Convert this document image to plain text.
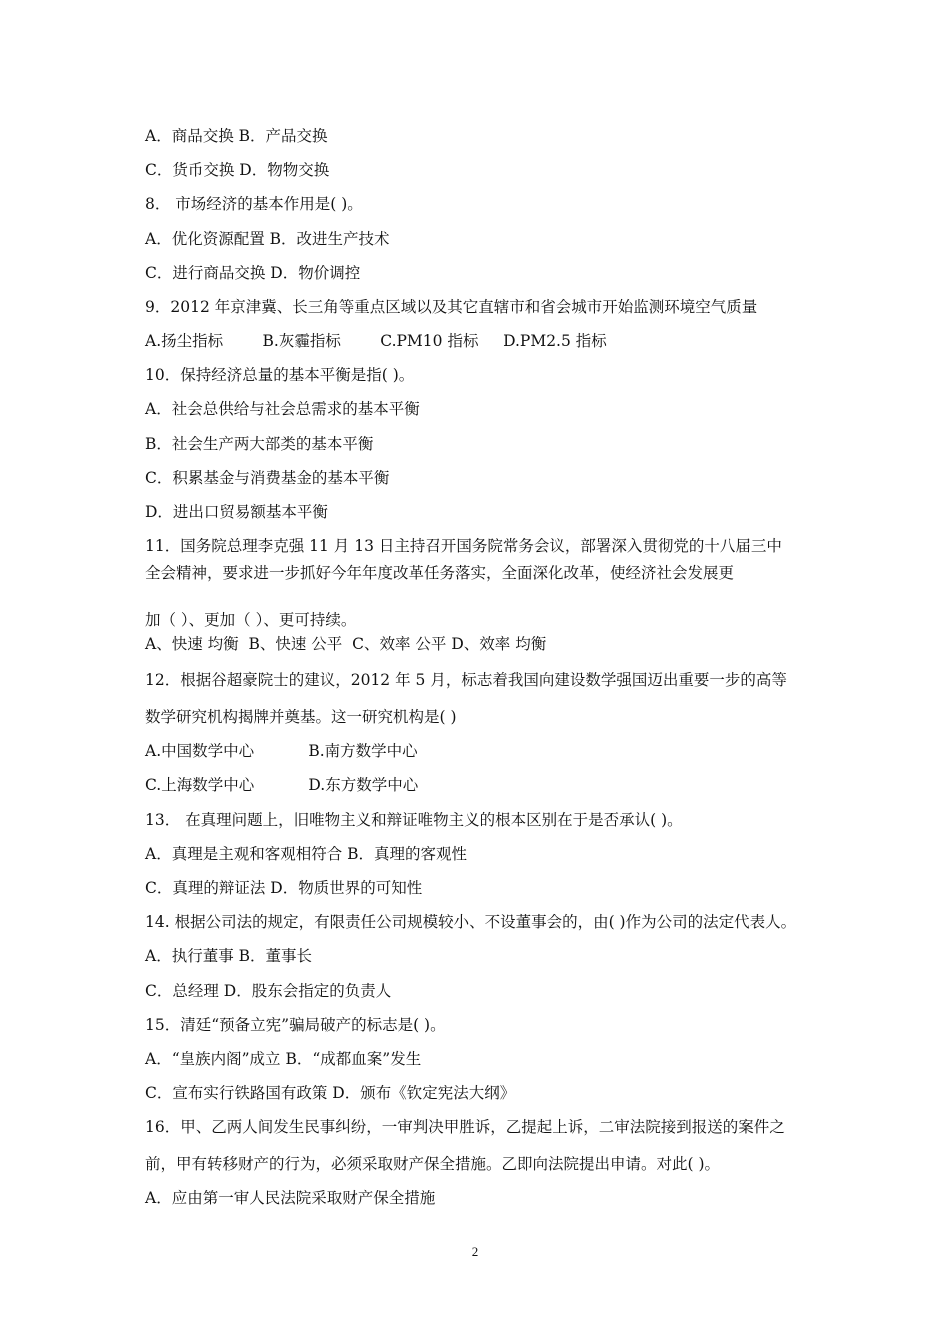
A．商品交换 B．产品交换
C．货币交换 D．物物交换
8． 市场经济的基本作用是( )。
A．优化资源配置 B．改进生产技术
C．进行商品交换 D．物价调控
9．2012 年京津冀、长三角等重点区域以及其它直辖市和省会城市开始监测环境空气质量
A.扬尘指标        B.灰霾指标        C.PM10 指标     D.PM2.5 指标
10．保持经济总量的基本平衡是指( )。
A．社会总供给与社会总需求的基本平衡
B．社会生产两大部类的基本平衡
C．积累基金与消费基金的基本平衡
D．进出口贸易额基本平衡
11．国务院总理李克强 11 月 13 日主持召开国务院常务会议，部署深入贯彻党的十八届三中
全会精神，要求进一步抓好今年年度改革任务落实，全面深化改革，使经济社会发展更
加（ ）、更加（ ）、更可持续。
A、快速 均衡  B、快速 公平  C、效率 公平 D、效率 均衡
12．根据谷超豪院士的建议，2012 年 5 月，标志着我国向建设数学强国迈出重要一步的高等
数学研究机构揭牌并奠基。这一研究机构是( )
A.中国数学中心           B.南方数学中心
C.上海数学中心           D.东方数学中心
13． 在真理问题上，旧唯物主义和辩证唯物主义的根本区别在于是否承认( )。
A．真理是主观和客观相符合 B．真理的客观性
C．真理的辩证法 D．物质世界的可知性
14. 根据公司法的规定，有限责任公司规模较小、不设董事会的，由( )作为公司的法定代表人。
A．执行董事 B．董事长
C．总经理 D．股东会指定的负责人
15．清廷“预备立宪”骗局破产的标志是( )。
A．“皇族内阁”成立 B．“成都血案”发生
C．宣布实行铁路国有政策 D．颁布《钦定宪法大纲》
16．甲、乙两人间发生民事纠纷，一审判决甲胜诉，乙提起上诉，二审法院接到报送的案件之
前，甲有转移财产的行为，必须采取财产保全措施。乙即向法院提出申请。对此( )。
A．应由第一审人民法院采取财产保全措施
2
